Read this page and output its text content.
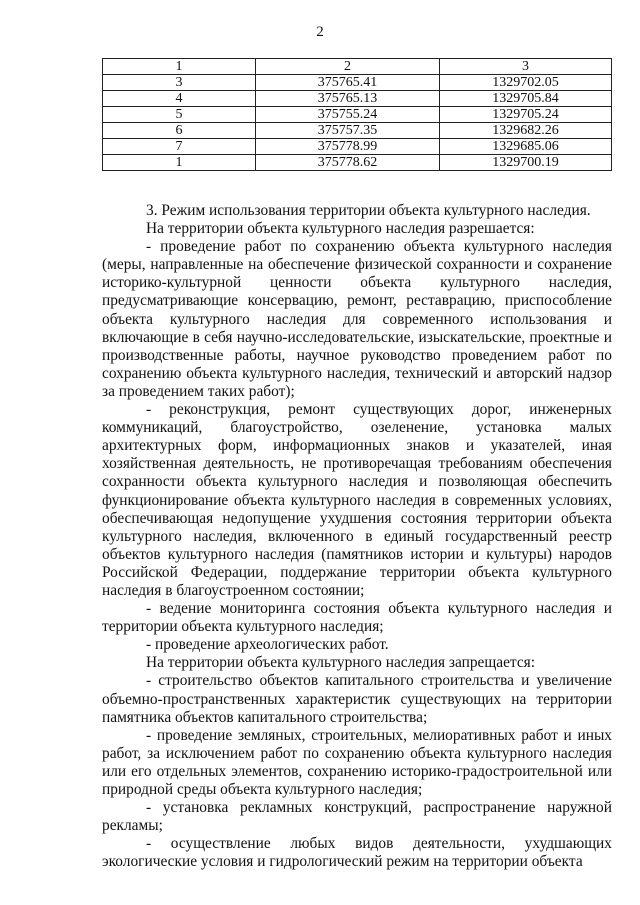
2
1	2	3
3	375765.41	1329702.05
4	375765.13	1329705.84
5	375755.24	1329705.24
6	375757.35	1329682.26
7	375778.99	1329685.06
1	375778.62	1329700.19

3. Режим использования территории объекта культурного наследия.

На территории объекта культурного наследия разрешается:

- проведение работ по сохранению объекта культурного наследия (меры, направленные на обеспечение физической сохранности и сохранение историко-культурной ценности объекта культурного наследия, предусматривающие консервацию, ремонт, реставрацию, приспособление объекта культурного наследия для современного использования и включающие в себя научно-исследовательские, изыскательские, проектные и производственные работы, научное руководство проведением работ по сохранению объекта культурного наследия, технический и авторский надзор за проведением таких работ);

- реконструкция, ремонт существующих дорог, инженерных коммуникаций, благоустройство, озеленение, установка малых архитектурных форм, информационных знаков и указателей, иная хозяйственная деятельность, не противоречащая требованиям обеспечения сохранности объекта культурного наследия и позволяющая обеспечить функционирование объекта культурного наследия в современных условиях, обеспечивающая недопущение ухудшения состояния территории объекта культурного наследия, включенного в единый государственный реестр объектов культурного наследия (памятников истории и культуры) народов Российской Федерации, поддержание территории объекта культурного наследия в благоустроенном состоянии;

- ведение мониторинга состояния объекта культурного наследия и территории объекта культурного наследия;

- проведение археологических работ.

На территории объекта культурного наследия запрещается:

- строительство объектов капитального строительства и увеличение объемно-пространственных характеристик существующих на территории памятника объектов капитального строительства;

- проведение земляных, строительных, мелиоративных работ и иных работ, за исключением работ по сохранению объекта культурного наследия или его отдельных элементов, сохранению историко-градостроительной или природной среды объекта культурного наследия;

- установка рекламных конструкций, распространение наружной рекламы;

- осуществление любых видов деятельности, ухудшающих экологические условия и гидрологический режим на территории объекта
